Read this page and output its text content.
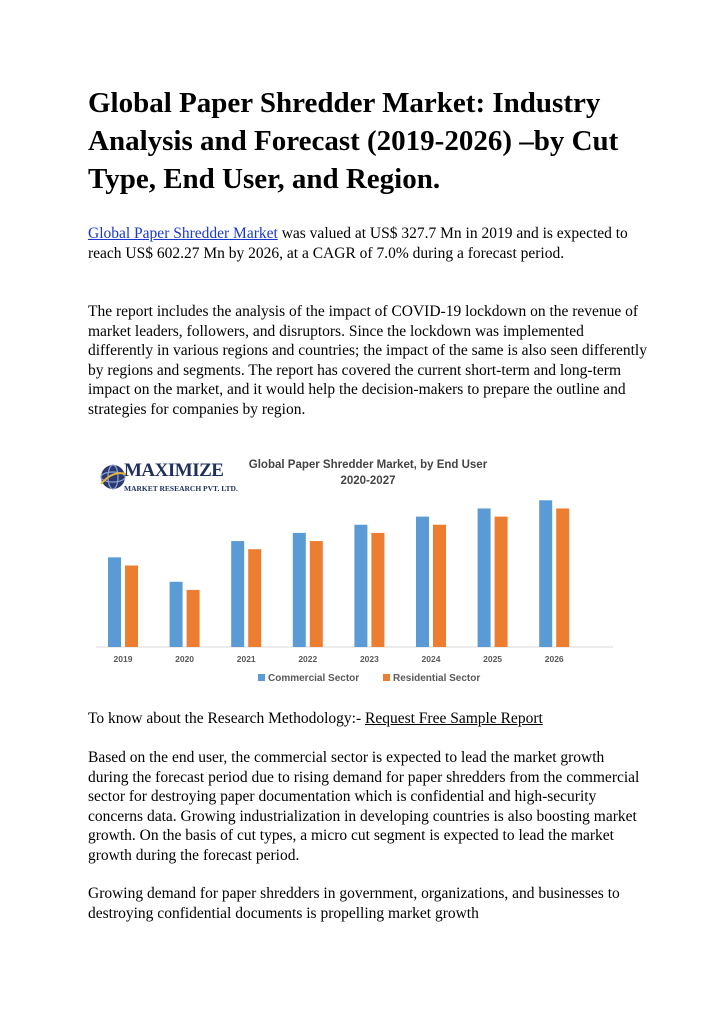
Global Paper Shredder Market: Industry Analysis and Forecast (2019-2026) –by Cut Type, End User, and Region.

Global Paper Shredder Market was valued at US$ 327.7 Mn in 2019 and is expected to reach US$ 602.27 Mn by 2026, at a CAGR of 7.0% during a forecast period.

The report includes the analysis of the impact of COVID-19 lockdown on the revenue of market leaders, followers, and disruptors. Since the lockdown was implemented differently in various regions and countries; the impact of the same is also seen differently by regions and segments. The report has covered the current short-term and long-term impact on the market, and it would help the decision-makers to prepare the outline and strategies for companies by region.

MAXIMIZE
MARKET RESEARCH PVT. LTD.
Global Paper Shredder Market, by End User
2020-2027
2019	2020	2021	2022	2023	2024	2025	2026
Commercial Sector	Residential Sector

To know about the Research Methodology:- Request Free Sample Report

Based on the end user, the commercial sector is expected to lead the market growth during the forecast period due to rising demand for paper shredders from the commercial sector for destroying paper documentation which is confidential and high-security concerns data. Growing industrialization in developing countries is also boosting market growth. On the basis of cut types, a micro cut segment is expected to lead the market growth during the forecast period.

Growing demand for paper shredders in government, organizations, and businesses to destroying confidential documents is propelling market growth
